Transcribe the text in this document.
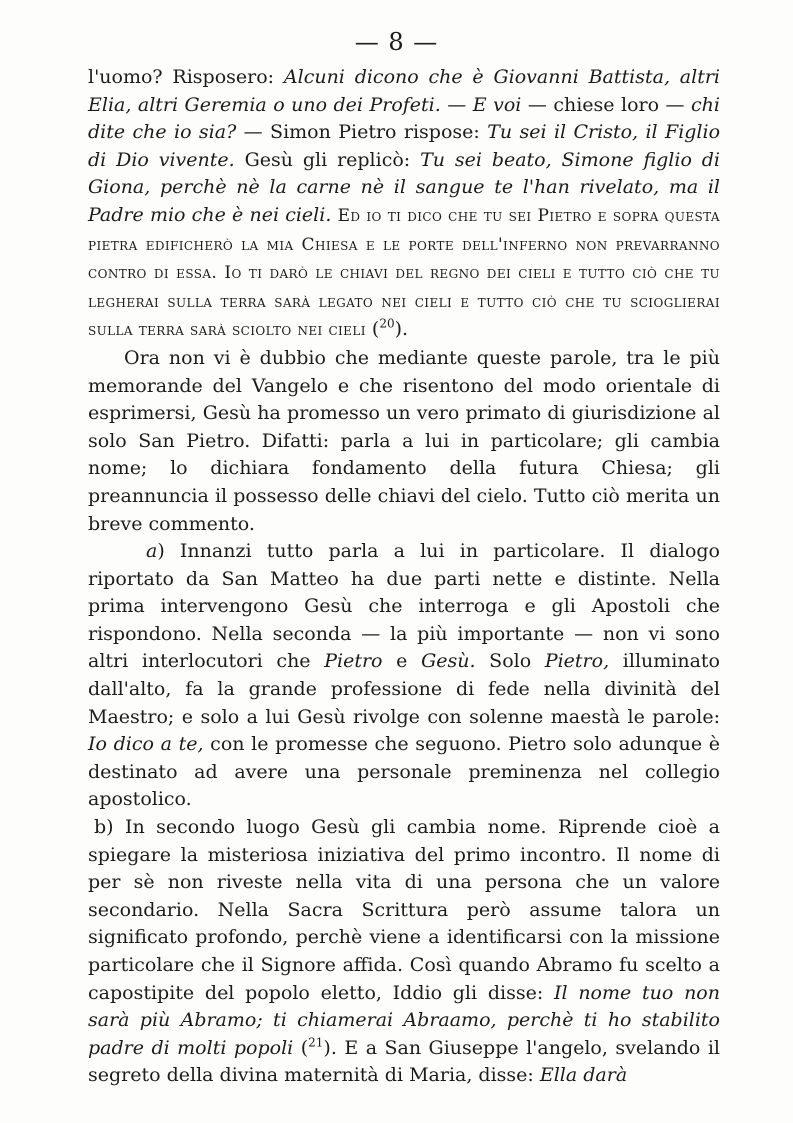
— 8 —

l'uomo? Risposero: Alcuni dicono che è Giovanni Battista, altri Elia, altri Geremia o uno dei Profeti. — E voi — chiese loro — chi dite che io sia? — Simon Pietro rispose: Tu sei il Cristo, il Figlio di Dio vivente. Gesù gli replicò: Tu sei beato, Simone figlio di Giona, perchè nè la carne nè il sangue te l'han rivelato, ma il Padre mio che è nei cieli. Ed io ti dico che tu sei Pietro e sopra questa pietra edificherò la mia Chiesa e le porte dell'inferno non prevarranno contro di essa. Io ti darò le chiavi del regno dei cieli e tutto ciò che tu legherai sulla terra sarà legato nei cieli e tutto ciò che tu scioglierai sulla terra sarà sciolto nei cieli ($^{20}$).

Ora non vi è dubbio che mediante queste parole, tra le più memorande del Vangelo e che risentono del modo orientale di esprimersi, Gesù ha promesso un vero primato di giurisdizione al solo San Pietro. Difatti: parla a lui in particolare; gli cambia nome; lo dichiara fondamento della futura Chiesa; gli preannuncia il possesso delle chiavi del cielo. Tutto ciò merita un breve commento.

a) Innanzi tutto parla a lui in particolare. Il dialogo riportato da San Matteo ha due parti nette e distinte. Nella prima intervengono Gesù che interroga e gli Apostoli che rispondono. Nella seconda — la più importante — non vi sono altri interlocutori che Pietro e Gesù. Solo Pietro, illuminato dall'alto, fa la grande professione di fede nella divinità del Maestro; e solo a lui Gesù rivolge con solenne maestà le parole: Io dico a te, con le promesse che seguono. Pietro solo adunque è destinato ad avere una personale preminenza nel collegio apostolico.

b) In secondo luogo Gesù gli cambia nome. Riprende cioè a spiegare la misteriosa iniziativa del primo incontro. Il nome di per sè non riveste nella vita di una persona che un valore secondario. Nella Sacra Scrittura però assume talora un significato profondo, perchè viene a identificarsi con la missione particolare che il Signore affida. Così quando Abramo fu scelto a capostipite del popolo eletto, Iddio gli disse: Il nome tuo non sarà più Abramo; ti chiamerai Abraamo, perchè ti ho stabilito padre di molti popoli ($^{21}$). E a San Giuseppe l'angelo, svelando il segreto della divina maternità di Maria, disse: Ella darà
